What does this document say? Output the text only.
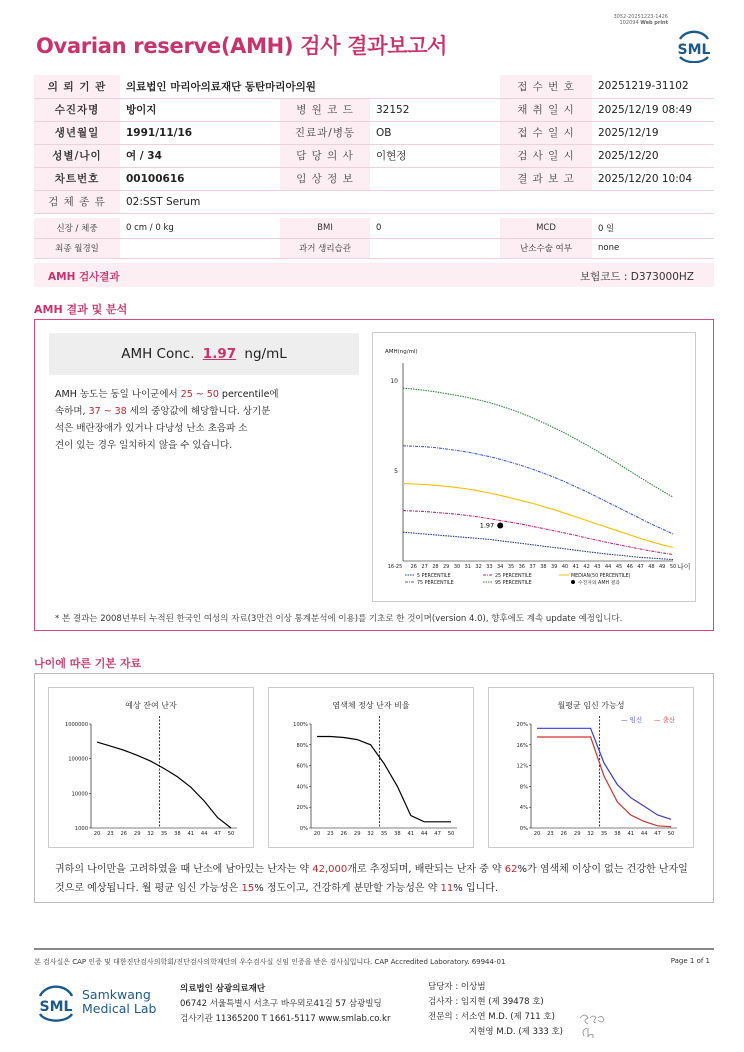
Ovarian reserve(AMH) 검사 결과보고서
3052-20251223-1426
102094 Web print
SML
의 뢰 기 관	의료법인 마리아의료재단 동탄마리아의원			접 수 번 호	20251219-31102
수진자명	방이지	병 원 코 드	32152	채 취 일 시	2025/12/19 08:49
생년월일	1991/11/16	진료과/병동	OB	접 수 일 시	2025/12/19
성별/나이	여 / 34	담 당 의 사	이현정	검 사 일 시	2025/12/20
차트번호	00100616	임 상 정 보		결 과 보 고	2025/12/20 10:04
검 체 종 류	02:SST Serum				
신장 / 체중	0 cm / 0 kg	BMI	0	MCD	0 일
최종 월경일		과거 생리습관		난소수술 여부	none
AMH 검사결과	보험코드 : D373000HZ
AMH 결과 및 분석
AMH Conc. 1.97 ng/mL
AMH 농도는 동일 나이군에서 25 ~ 50 percentile에
속하며, 37 ~ 38 세의 중앙값에 해당합니다. 상기분
석은 배란장애가 있거나 다낭성 난소 초음파 소
견이 있는 경우 일치하지 않을 수 있습니다.
AMH(ng/ml)
10
5
16-25 26 27 28 29 30 31 32 33 34 35 36 37 38 39 40 41 42 43 44 45 46 47 48 49 50 나이
1.97
5 PERCENTILE	25 PERCENTILE	MEDIAN(50 PERCENTILE)
75 PERCENTILE	95 PERCENTILE	수진자의 AMH 결과
* 본 결과는 2008년부터 누적된 한국인 여성의 자료(3만건 이상 통계분석에 이용)를 기초로 한 것이며(version 4.0), 향후에도 계속 update 예정입니다.
나이에 따른 기본 자료
예상 잔여 난자
1000000
100000
10000
1000
20 23 26 29 32 35 38 41 44 47 50
염색체 정상 난자 비율
100%
80%
60%
40%
20%
0%
20 23 26 29 32 35 38 41 44 47 50
월평균 임신 가능성
20%
16%
12%
8%
4%
0%
20 23 26 29 32 35 38 41 44 47 50
— 임신 — 출산
귀하의 나이만을 고려하였을 때 난소에 남아있는 난자는 약 42,000개로 추정되며, 배란되는 난자 중 약 62%가 염색체 이상이 없는 건강한 난자일
것으로 예상됩니다. 월 평균 임신 가능성은 15% 정도이고, 건강하게 분만할 가능성은 약 11% 입니다.
본 검사실은 CAP 인증 및 대한진단검사의학회/진단검사의학재단의 우수검사실 신임 인증을 받은 검사실입니다. CAP Accredited Laboratory. 69944-01	Page 1 of 1
SML
Samkwang
Medical Lab
의료법인 삼광의료재단
06742 서울특별시 서초구 바우뫼로41길 57 삼광빌딩
검사기관 11365200 T 1661-5117 www.smlab.co.kr
담당자 : 이상범
검사자 : 임지현 (제 39478 호)
전문의 : 서소연 M.D. (제 711 호)
지현영 M.D. (제 333 호)
